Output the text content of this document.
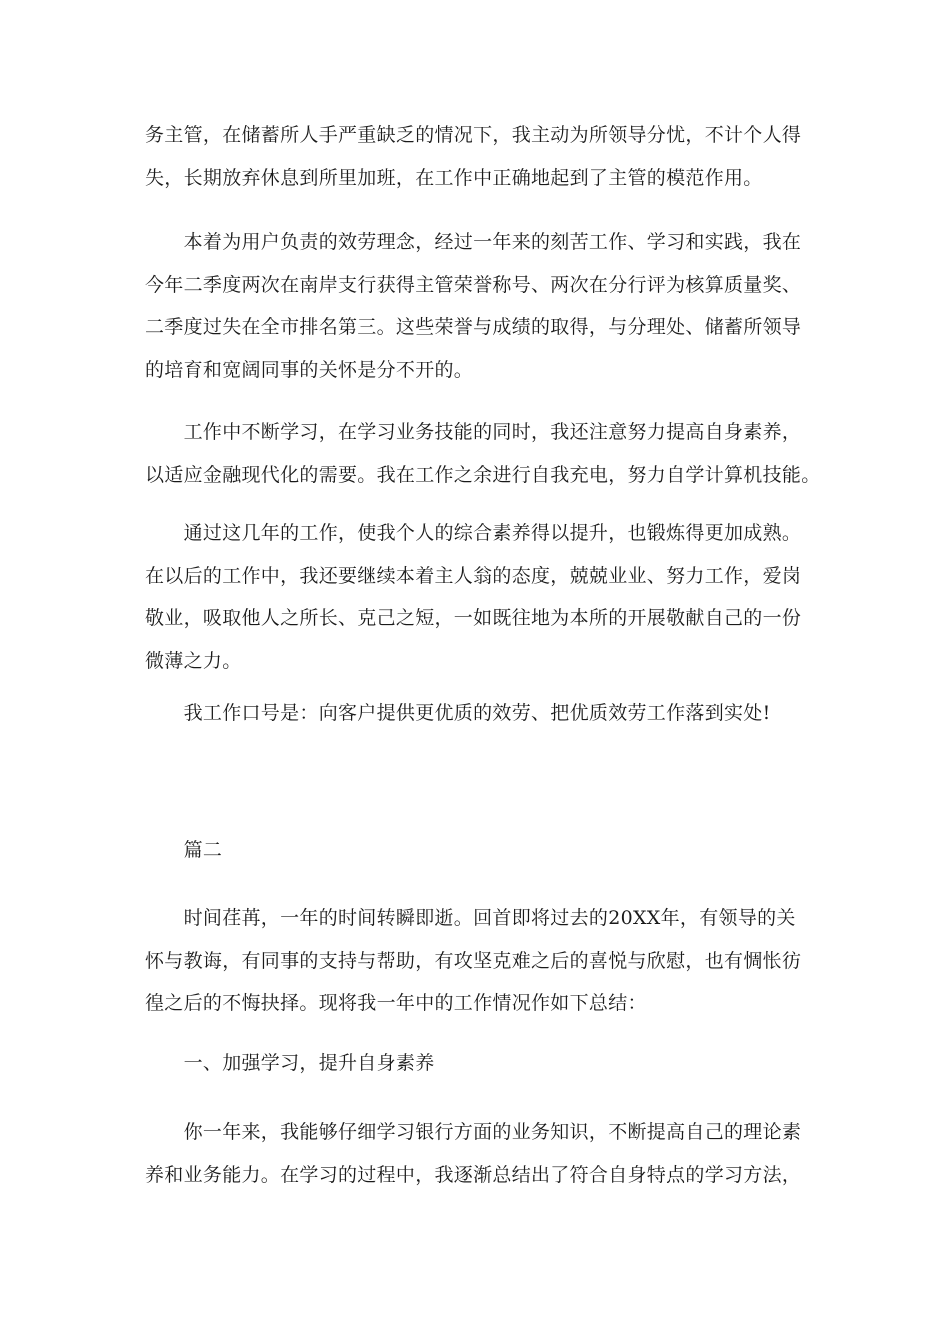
务主管，在储蓄所人手严重缺乏的情况下，我主动为所领导分忧，不计个人得
失，长期放弃休息到所里加班，在工作中正确地起到了主管的模范作用。

　　本着为用户负责的效劳理念，经过一年来的刻苦工作、学习和实践，我在
今年二季度两次在南岸支行获得主管荣誉称号、两次在分行评为核算质量奖、
二季度过失在全市排名第三。这些荣誉与成绩的取得，与分理处、储蓄所领导
的培育和宽阔同事的关怀是分不开的。

　　工作中不断学习，在学习业务技能的同时，我还注意努力提高自身素养，
以适应金融现代化的需要。我在工作之余进行自我充电，努力自学计算机技能。

　　通过这几年的工作，使我个人的综合素养得以提升，也锻炼得更加成熟。
在以后的工作中，我还要继续本着主人翁的态度，兢兢业业、努力工作，爱岗
敬业，吸取他人之所长、克己之短，一如既往地为本所的开展敬献自己的一份
微薄之力。

　　我工作口号是：向客户提供更优质的效劳、把优质效劳工作落到实处!

　　篇二

　　时间荏苒，一年的时间转瞬即逝。回首即将过去的20XX年，有领导的关
怀与教诲，有同事的支持与帮助，有攻坚克难之后的喜悦与欣慰，也有惆怅彷
徨之后的不悔抉择。现将我一年中的工作情况作如下总结：

　　一、加强学习，提升自身素养

　　你一年来，我能够仔细学习银行方面的业务知识，不断提高自己的理论素
养和业务能力。在学习的过程中，我逐渐总结出了符合自身特点的学习方法，
